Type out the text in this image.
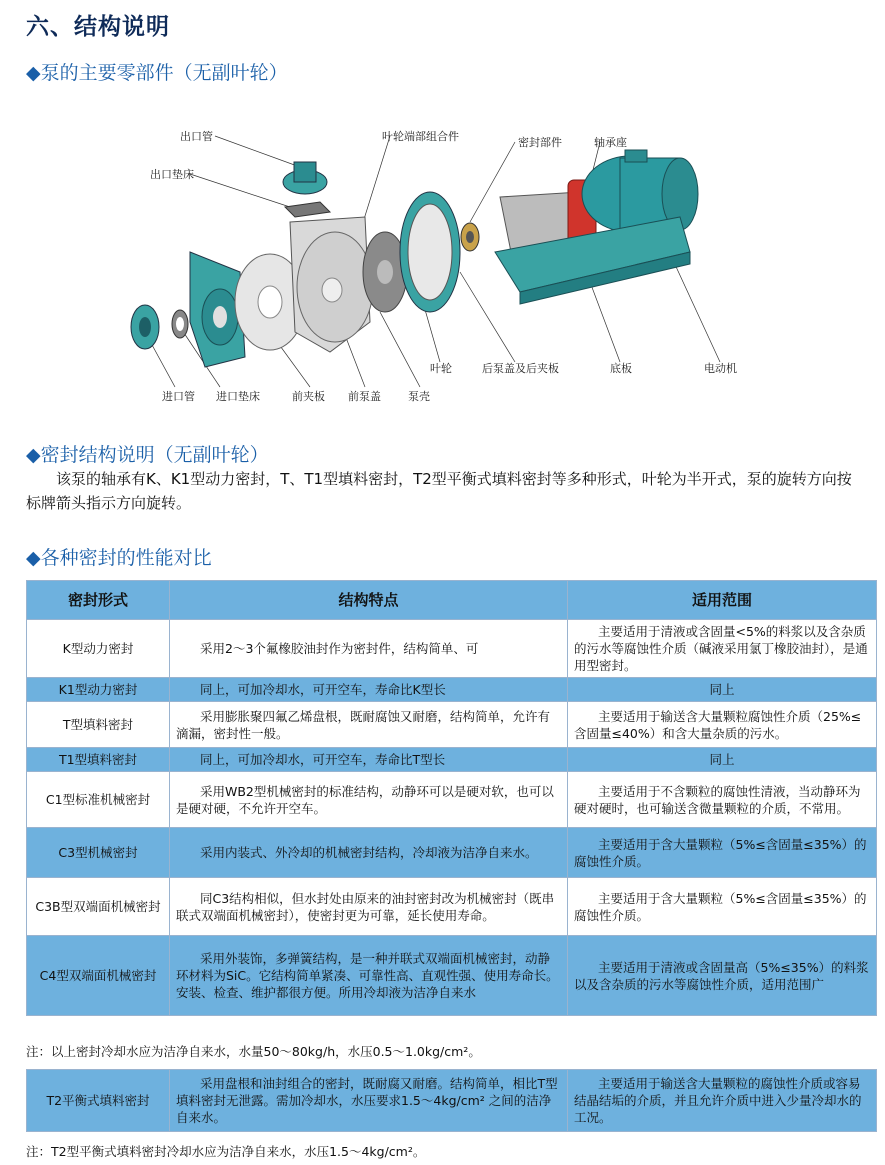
六、结构说明
◆泵的主要零部件（无副叶轮）
出口管
出口垫床
叶轮端部组合件	密封部件	轴承座
进口管 进口垫床	前夹板 前泵盖 泵壳
叶轮	后泵盖及后夹板	底板	电动机
◆密封结构说明（无副叶轮）
该泵的轴承有K、K1型动力密封，T、T1型填料密封，T2型平衡式填料密封等多种形式，叶轮为半开式，泵的旋转方向按标牌箭头指示方向旋转。
◆各种密封的性能对比
密封形式	结构特点	适用范围
K型动力密封	采用2～3个氟橡胶油封作为密封件，结构简单、可	主要适用于清液或含固量<5%的料浆以及含杂质的污水等腐蚀性介质（碱液采用氯丁橡胶油封），是通用型密封。
K1型动力密封	同上，可加冷却水，可开空车，寿命比K型长	同上
T型填料密封	采用膨胀聚四氟乙烯盘根，既耐腐蚀又耐磨，结构简单，允许有滴漏，密封性一般。	主要适用于输送含大量颗粒腐蚀性介质（25%≤含固量≤40%）和含大量杂质的污水。
T1型填料密封	同上，可加冷却水，可开空车，寿命比T型长	同上
C1型标准机械密封	采用WB2型机械密封的标准结构，动静环可以是硬对软，也可以是硬对硬，不允许开空车。	主要适用于不含颗粒的腐蚀性清液，当动静环为硬对硬时，也可输送含微量颗粒的介质，不常用。
C3型机械密封	采用内装式、外冷却的机械密封结构，冷却液为洁净自来水。	主要适用于含大量颗粒（5%≤含固量≤35%）的腐蚀性介质。
C3B型双端面机械密封	同C3结构相似，但水封处由原来的油封密封改为机械密封（既串联式双端面机械密封），使密封更为可靠，延长使用寿命。	主要适用于含大量颗粒（5%≤含固量≤35%）的腐蚀性介质。
C4型双端面机械密封	采用外装饰，多弹簧结构，是一种并联式双端面机械密封，动静环材料为SiC。它结构简单紧凑、可靠性高、直观性强、使用寿命长。安装、检查、维护都很方便。所用冷却液为洁净自来水	主要适用于清液或含固量高（5%≤35%）的料浆以及含杂质的污水等腐蚀性介质，适用范围广
注：以上密封冷却水应为洁净自来水，水量50～80kg/h，水压0.5～1.0kg/cm²。
T2平衡式填料密封	采用盘根和油封组合的密封，既耐腐又耐磨。结构简单，相比T型填料密封无泄露。需加冷却水，水压要求1.5～4kg/cm² 之间的洁净自来水。	主要适用于输送含大量颗粒的腐蚀性介质或容易结晶结垢的介质，并且允许介质中进入少量冷却水的工况。
注：T2型平衡式填料密封冷却水应为洁净自来水，水压1.5～4kg/cm²。
